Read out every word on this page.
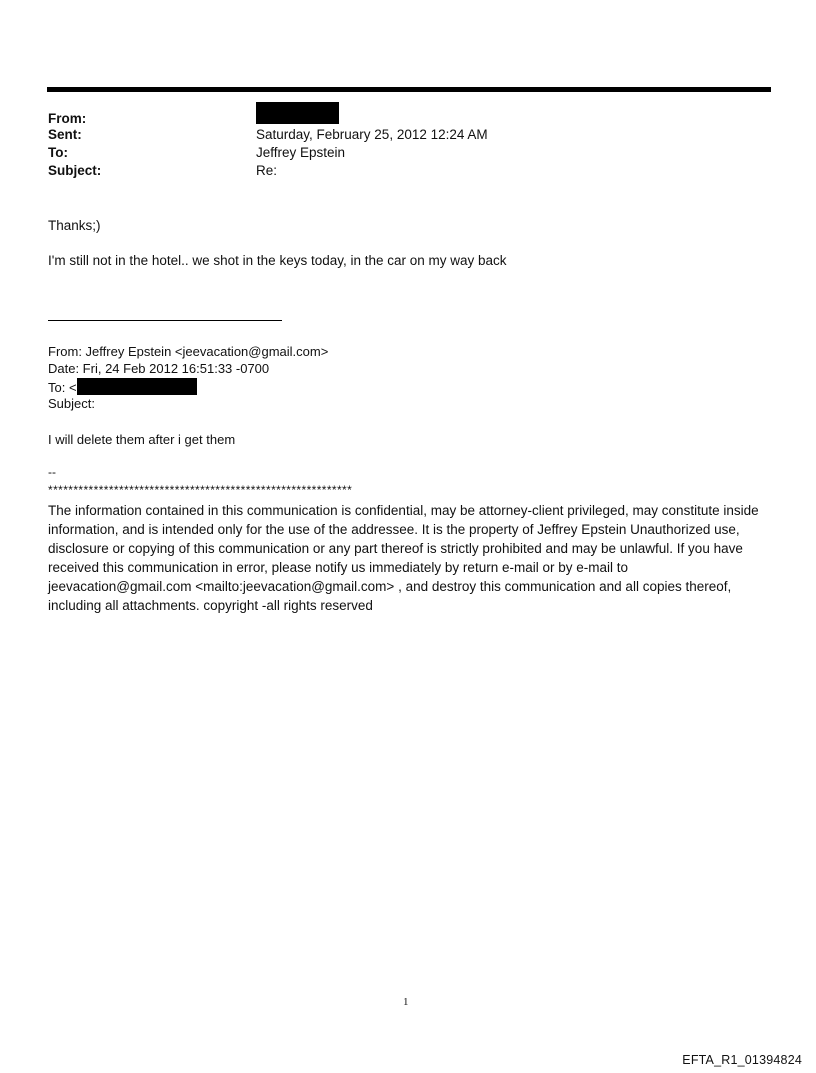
From:
Sent:	Saturday, February 25, 2012 12:24 AM
To:	Jeffrey Epstein
Subject:	Re:
Thanks;)
I'm still not in the hotel.. we shot in the keys today, in the car on my way back
From: Jeffrey Epstein <jeevacation@gmail.com>
Date: Fri, 24 Feb 2012 16:51:33 -0700
To: <
Subject:
I will delete them after i get them
--
************************************************************
The information contained in this communication is confidential, may be attorney-client privileged, may constitute inside information, and is intended only for the use of the addressee. It is the property of Jeffrey Epstein Unauthorized use, disclosure or copying of this communication or any part thereof is strictly prohibited and may be unlawful. If you have received this communication in error, please notify us immediately by return e-mail or by e-mail to jeevacation@gmail.com <mailto:jeevacation@gmail.com> , and destroy this communication and all copies thereof, including all attachments. copyright -all rights reserved
1
EFTA_R1_01394824
